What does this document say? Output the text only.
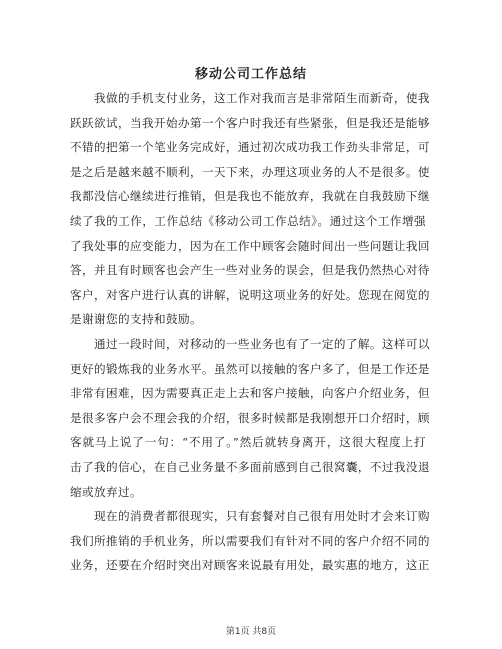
移动公司工作总结

　　我做的手机支付业务，这工作对我而言是非常陌生而新奇，使我
跃跃欲试，当我开始办第一个客户时我还有些紧张，但是我还是能够
不错的把第一个笔业务完成好，通过初次成功我工作劲头非常足，可
是之后是越来越不顺利，一天下来，办理这项业务的人不是很多。使
我都没信心继续进行推销，但是我也不能放弃，我就在自我鼓励下继
续了我的工作，工作总结《移动公司工作总结》。通过这个工作增强
了我处事的应变能力，因为在工作中顾客会随时间出一些问题让我回
答，并且有时顾客也会产生一些对业务的误会，但是我仍然热心对待
客户，对客户进行认真的讲解，说明这项业务的好处。您现在阅览的
是谢谢您的支持和鼓励。

　　通过一段时间，对移动的一些业务也有了一定的了解。这样可以
更好的锻炼我的业务水平。虽然可以接触的客户多了，但是工作还是
非常有困难，因为需要真正走上去和客户接触，向客户介绍业务，但
是很多客户会不理会我的介绍，很多时候都是我刚想开口介绍时，顾
客就马上说了一句：“不用了。”然后就转身离开，这很大程度上打
击了我的信心，在自己业务量不多面前感到自己很窝囊，不过我没退
缩或放弃过。

　　现在的消费者都很现实，只有套餐对自己很有用处时才会来订购
我们所推销的手机业务，所以需要我们有针对不同的客户介绍不同的
业务，还要在介绍时突出对顾客来说最有用处，最实惠的地方，这正

第1页 共8页
